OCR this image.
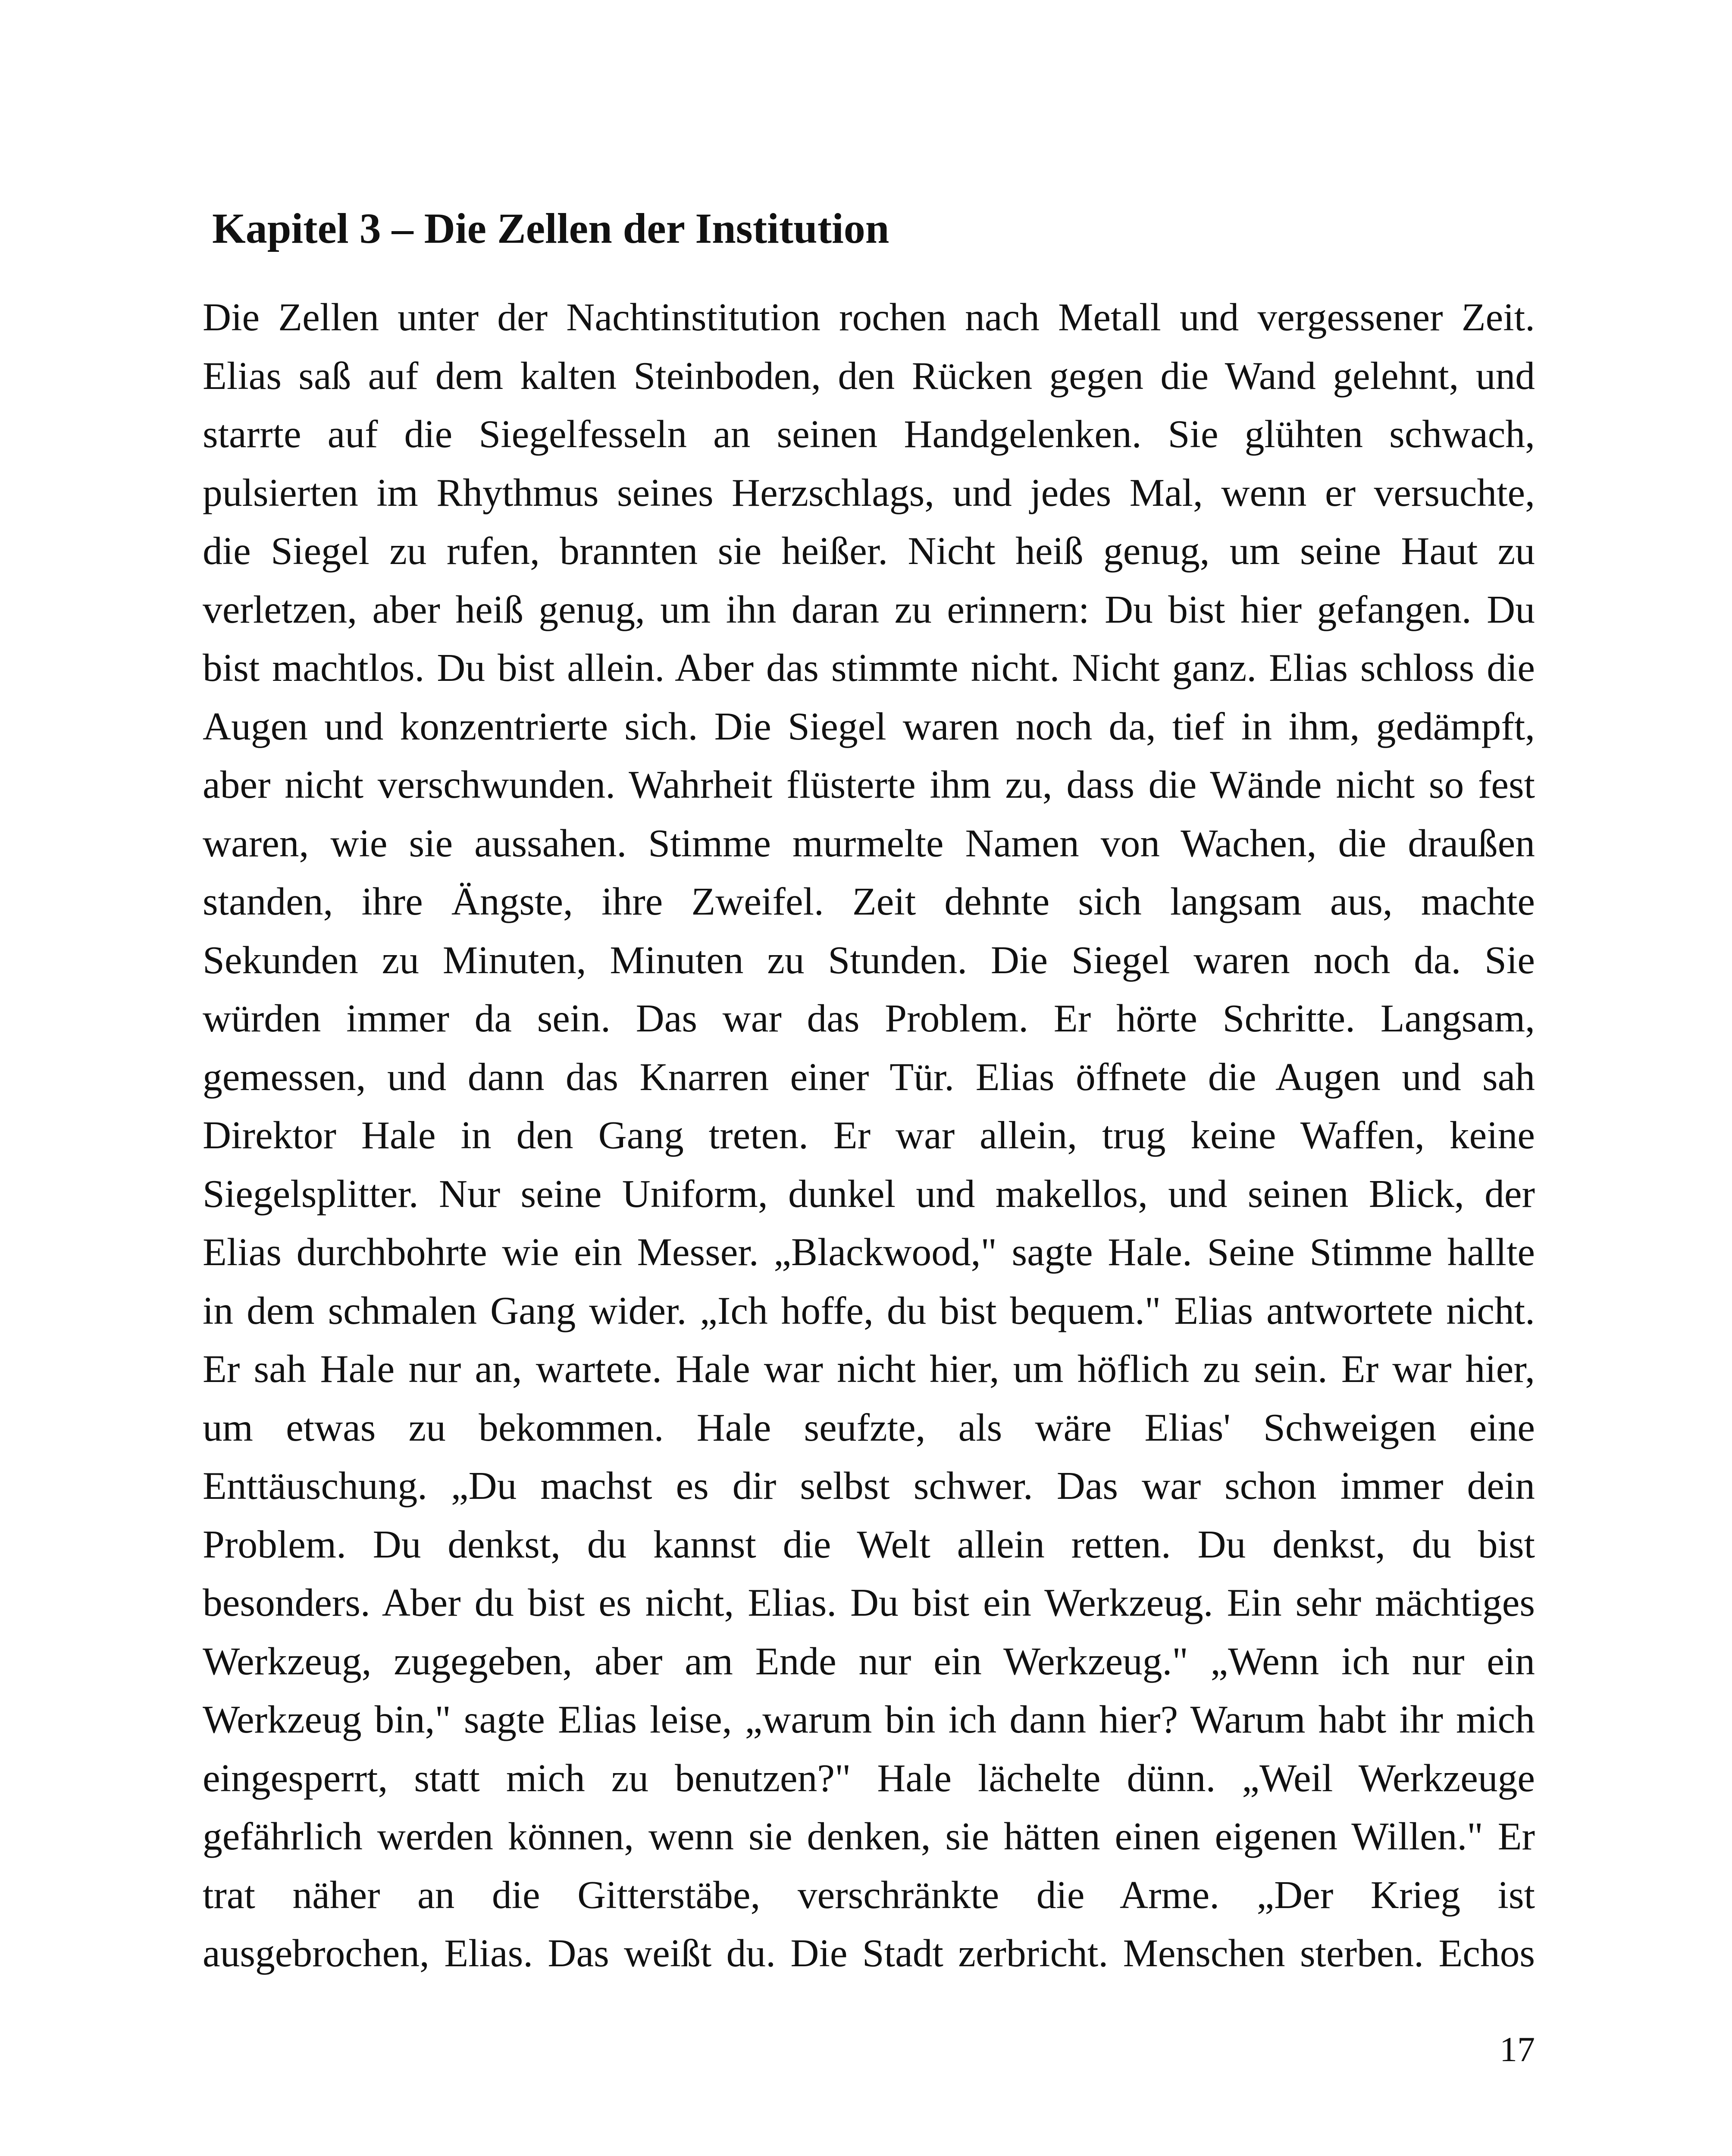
Kapitel 3 – Die Zellen der Institution
Die Zellen unter der Nachtinstitution rochen nach Metall und vergessener Zeit.
Elias saß auf dem kalten Steinboden, den Rücken gegen die Wand gelehnt, und
starrte auf die Siegelfesseln an seinen Handgelenken. Sie glühten schwach,
pulsierten im Rhythmus seines Herzschlags, und jedes Mal, wenn er versuchte,
die Siegel zu rufen, brannten sie heißer. Nicht heiß genug, um seine Haut zu
verletzen, aber heiß genug, um ihn daran zu erinnern: Du bist hier gefangen. Du
bist machtlos. Du bist allein. Aber das stimmte nicht. Nicht ganz. Elias schloss die
Augen und konzentrierte sich. Die Siegel waren noch da, tief in ihm, gedämpft,
aber nicht verschwunden. Wahrheit flüsterte ihm zu, dass die Wände nicht so fest
waren, wie sie aussahen. Stimme murmelte Namen von Wachen, die draußen
standen, ihre Ängste, ihre Zweifel. Zeit dehnte sich langsam aus, machte
Sekunden zu Minuten, Minuten zu Stunden. Die Siegel waren noch da. Sie
würden immer da sein. Das war das Problem. Er hörte Schritte. Langsam,
gemessen, und dann das Knarren einer Tür. Elias öffnete die Augen und sah
Direktor Hale in den Gang treten. Er war allein, trug keine Waffen, keine
Siegelsplitter. Nur seine Uniform, dunkel und makellos, und seinen Blick, der
Elias durchbohrte wie ein Messer. „Blackwood," sagte Hale. Seine Stimme hallte
in dem schmalen Gang wider. „Ich hoffe, du bist bequem." Elias antwortete nicht.
Er sah Hale nur an, wartete. Hale war nicht hier, um höflich zu sein. Er war hier,
um etwas zu bekommen. Hale seufzte, als wäre Elias' Schweigen eine
Enttäuschung. „Du machst es dir selbst schwer. Das war schon immer dein
Problem. Du denkst, du kannst die Welt allein retten. Du denkst, du bist
besonders. Aber du bist es nicht, Elias. Du bist ein Werkzeug. Ein sehr mächtiges
Werkzeug, zugegeben, aber am Ende nur ein Werkzeug." „Wenn ich nur ein
Werkzeug bin," sagte Elias leise, „warum bin ich dann hier? Warum habt ihr mich
eingesperrt, statt mich zu benutzen?" Hale lächelte dünn. „Weil Werkzeuge
gefährlich werden können, wenn sie denken, sie hätten einen eigenen Willen." Er
trat näher an die Gitterstäbe, verschränkte die Arme. „Der Krieg ist
ausgebrochen, Elias. Das weißt du. Die Stadt zerbricht. Menschen sterben. Echos
17
